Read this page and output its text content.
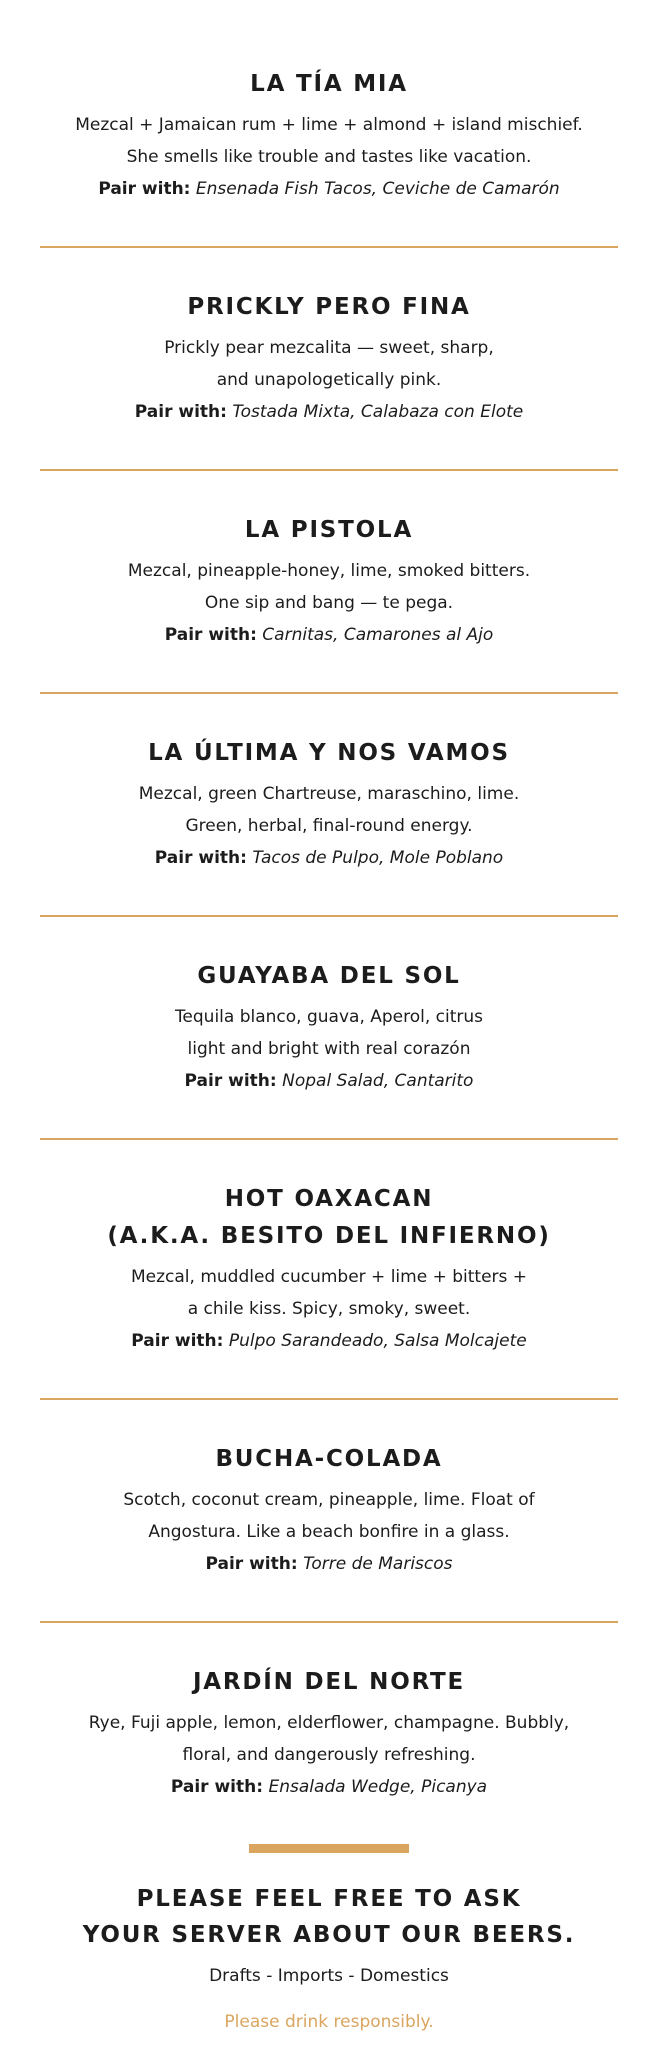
LA TÍA MIA

Mezcal + Jamaican rum + lime + almond + island mischief.
She smells like trouble and tastes like vacation.

Pair with: Ensenada Fish Tacos, Ceviche de Camarón

PRICKLY PERO FINA

Prickly pear mezcalita — sweet, sharp,
and unapologetically pink.

Pair with: Tostada Mixta, Calabaza con Elote

LA PISTOLA

Mezcal, pineapple-honey, lime, smoked bitters.
One sip and bang — te pega.

Pair with: Carnitas, Camarones al Ajo

LA ÚLTIMA Y NOS VAMOS

Mezcal, green Chartreuse, maraschino, lime.
Green, herbal, final-round energy.

Pair with: Tacos de Pulpo, Mole Poblano

GUAYABA DEL SOL

Tequila blanco, guava, Aperol, citrus
light and bright with real corazón

Pair with: Nopal Salad, Cantarito

HOT OAXACAN
(A.K.A. BESITO DEL INFIERNO)

Mezcal, muddled cucumber + lime + bitters +
a chile kiss. Spicy, smoky, sweet.

Pair with: Pulpo Sarandeado, Salsa Molcajete

BUCHA-COLADA

Scotch, coconut cream, pineapple, lime. Float of
Angostura. Like a beach bonfire in a glass.

Pair with: Torre de Mariscos

JARDÍN DEL NORTE

Rye, Fuji apple, lemon, elderflower, champagne. Bubbly,
floral, and dangerously refreshing.

Pair with: Ensalada Wedge, Picanya

PLEASE FEEL FREE TO ASK
YOUR SERVER ABOUT OUR BEERS.

Drafts - Imports - Domestics

Please drink responsibly.
